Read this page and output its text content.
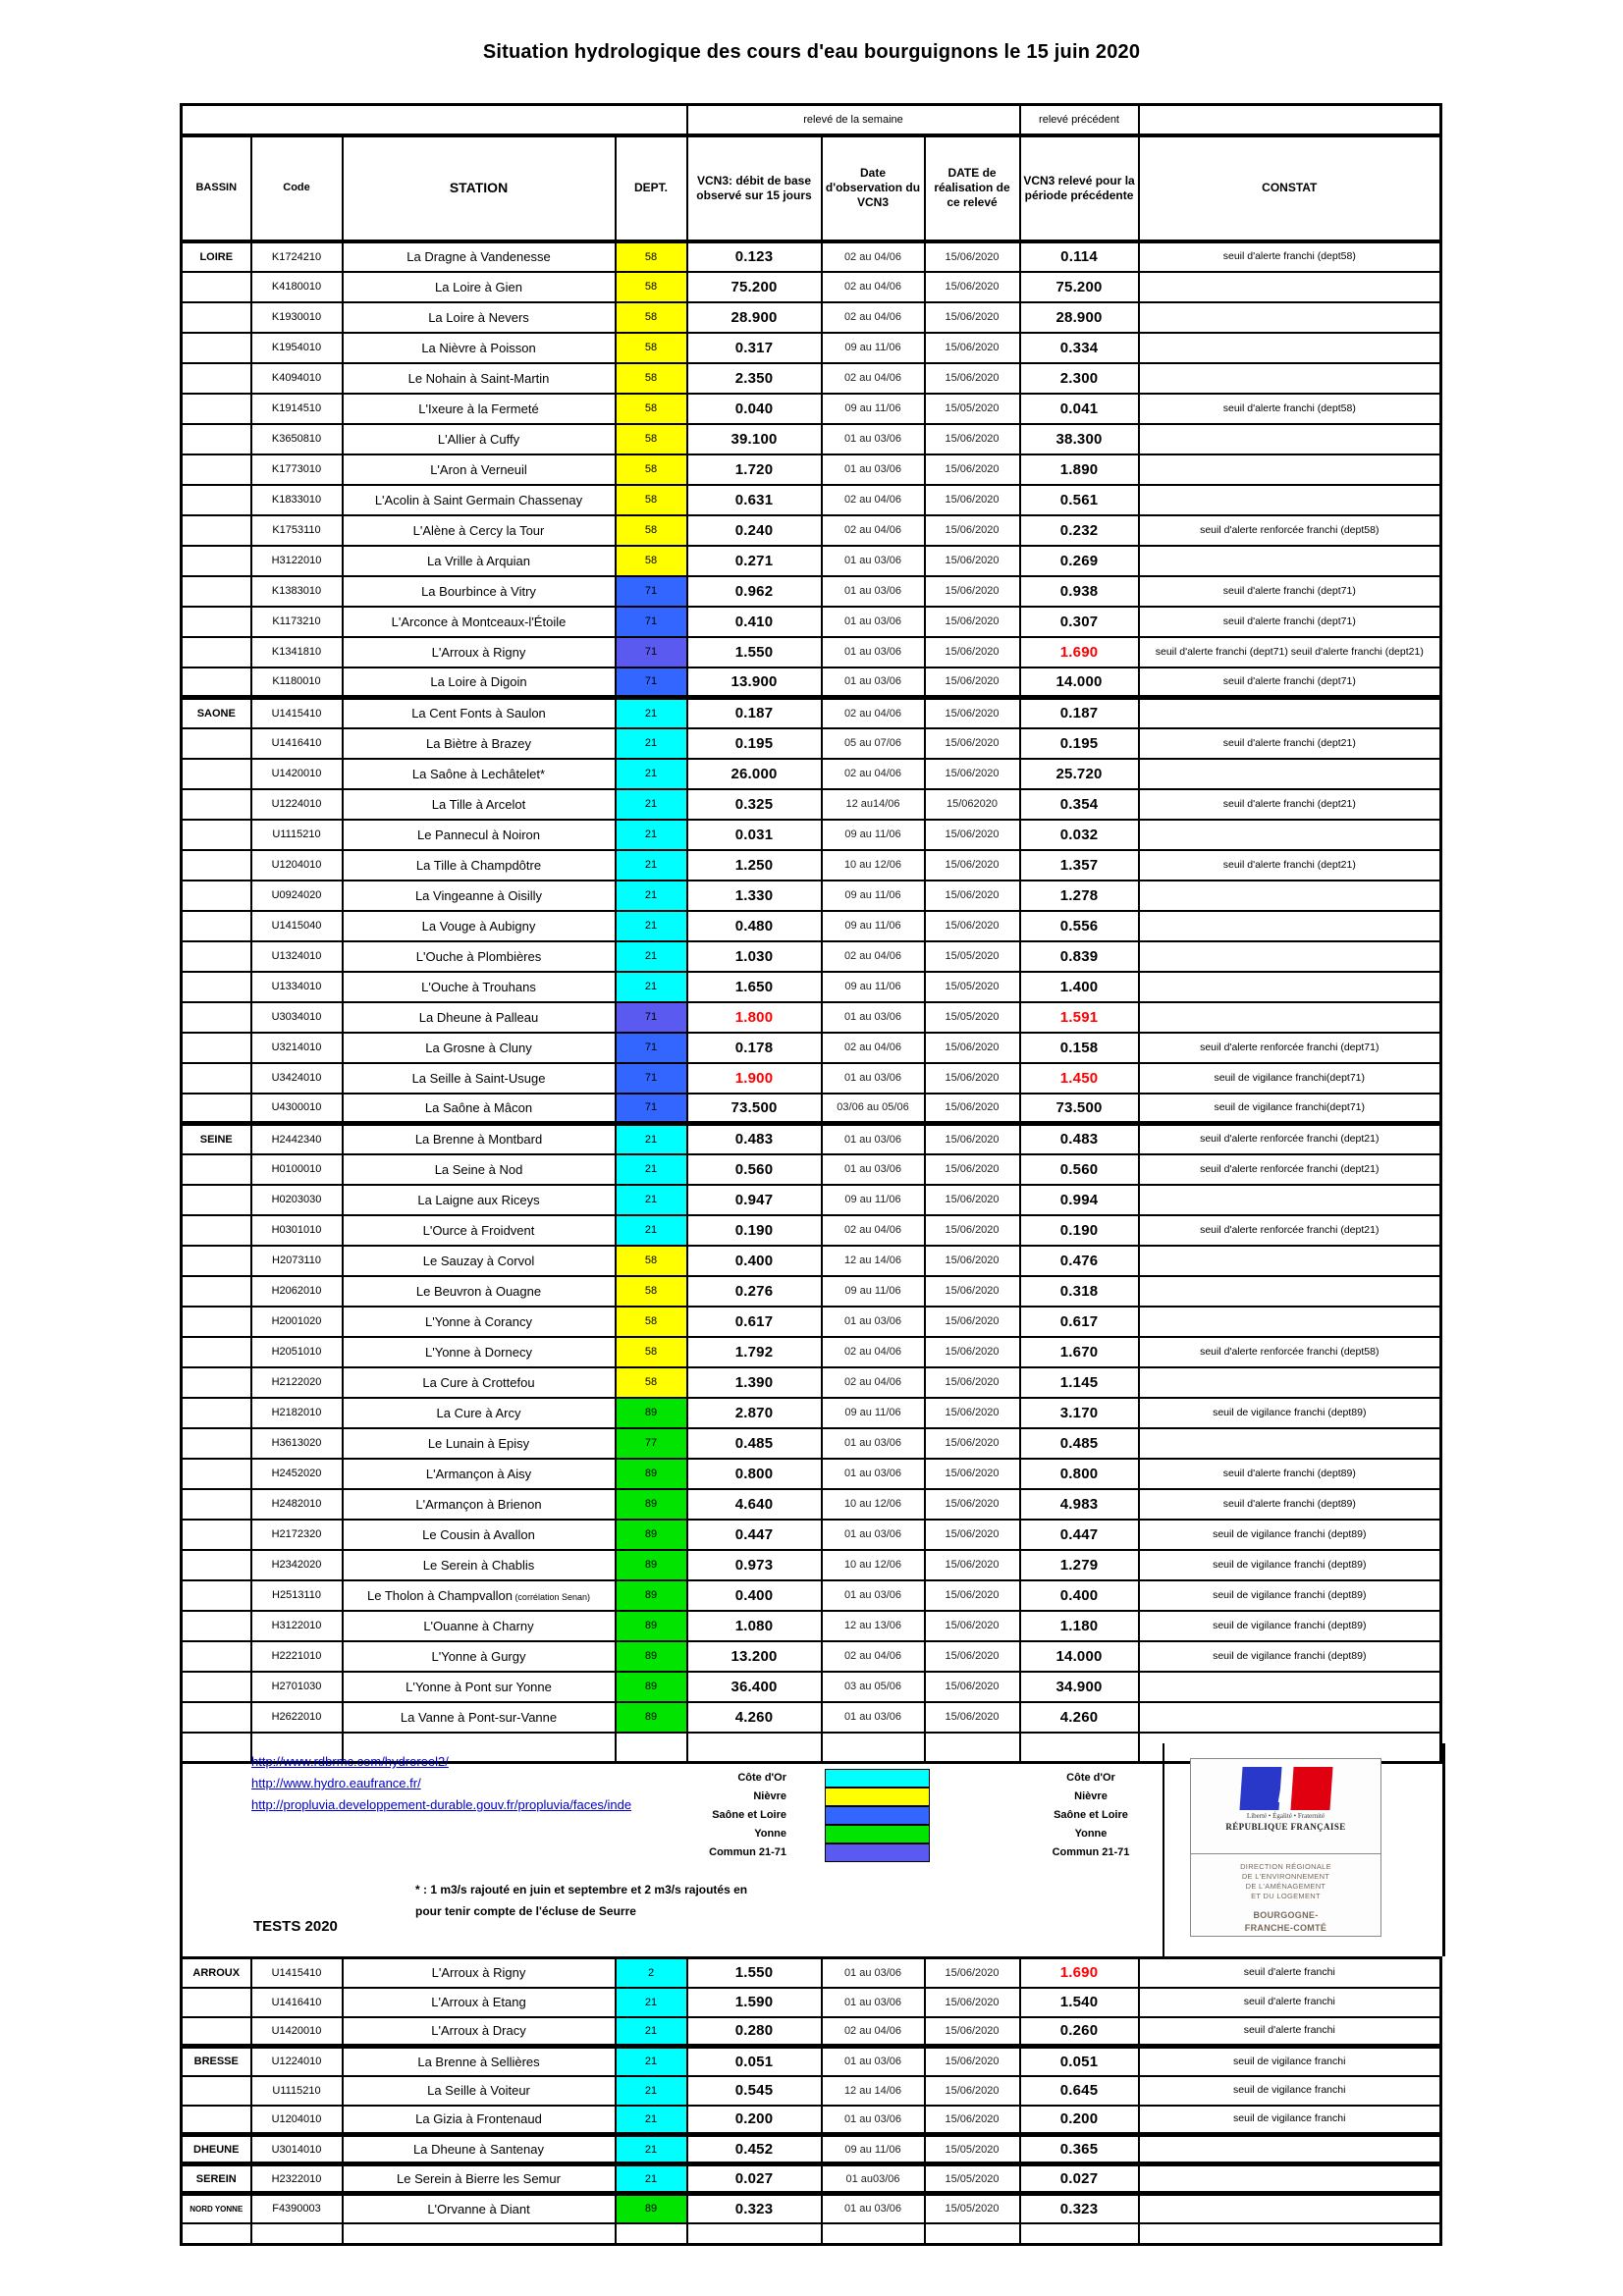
Situation hydrologique des cours d'eau bourguignons le 15 juin 2020
				relevé de la semaine			relevé précédent	
BASSIN	Code	STATION	DEPT.	VCN3: débit de base observé sur 15 jours	Date d'observation du VCN3	DATE de réalisation de ce relevé	VCN3 relevé pour la période précédente	CONSTAT
LOIRE	K1724210	La Dragne à Vandenesse	58	0.123	02 au 04/06	15/06/2020	0.114	seuil d'alerte franchi (dept58)
	K4180010	La Loire à Gien	58	75.200	02 au 04/06	15/06/2020	75.200	
	K1930010	La Loire à Nevers	58	28.900	02 au 04/06	15/06/2020	28.900	
	K1954010	La Nièvre à Poisson	58	0.317	09 au 11/06	15/06/2020	0.334	
	K4094010	Le Nohain à Saint-Martin	58	2.350	02 au 04/06	15/06/2020	2.300	
	K1914510	L'Ixeure à la Fermeté	58	0.040	09 au 11/06	15/05/2020	0.041	seuil d'alerte franchi (dept58)
	K3650810	L'Allier à Cuffy	58	39.100	01 au 03/06	15/06/2020	38.300	
	K1773010	L'Aron à Verneuil	58	1.720	01 au 03/06	15/06/2020	1.890	
	K1833010	L'Acolin à Saint Germain Chassenay	58	0.631	02 au 04/06	15/06/2020	0.561	
	K1753110	L'Alène à Cercy la Tour	58	0.240	02 au 04/06	15/06/2020	0.232	seuil d'alerte renforcée franchi (dept58)
	H3122010	La Vrille à Arquian	58	0.271	01 au 03/06	15/06/2020	0.269	
	K1383010	La Bourbince à Vitry	71	0.962	01 au 03/06	15/06/2020	0.938	seuil d'alerte franchi (dept71)
	K1173210	L'Arconce à Montceaux-l'Étoile	71	0.410	01 au 03/06	15/06/2020	0.307	seuil d'alerte franchi (dept71)
	K1341810	L'Arroux à Rigny	71	1.550	01 au 03/06	15/06/2020	1.690	seuil d'alerte franchi (dept71) seuil d'alerte franchi (dept21)
	K1180010	La Loire à Digoin	71	13.900	01 au 03/06	15/06/2020	14.000	seuil d'alerte franchi (dept71)
SAONE	U1415410	La Cent Fonts à Saulon	21	0.187	02 au 04/06	15/06/2020	0.187	
	U1416410	La Biètre à Brazey	21	0.195	05 au 07/06	15/06/2020	0.195	seuil d'alerte franchi (dept21)
	U1420010	La Saône à Lechâtelet*	21	26.000	02 au 04/06	15/06/2020	25.720	
	U1224010	La Tille à Arcelot	21	0.325	12 au14/06	15/062020	0.354	seuil d'alerte franchi (dept21)
	U1115210	Le Pannecul à Noiron	21	0.031	09 au 11/06	15/06/2020	0.032	
	U1204010	La Tille à Champdôtre	21	1.250	10 au 12/06	15/06/2020	1.357	seuil d'alerte franchi (dept21)
	U0924020	La Vingeanne à Oisilly	21	1.330	09 au 11/06	15/06/2020	1.278	
	U1415040	La Vouge à Aubigny	21	0.480	09 au 11/06	15/06/2020	0.556	
	U1324010	L'Ouche à Plombières	21	1.030	02 au 04/06	15/05/2020	0.839	
	U1334010	L'Ouche à Trouhans	21	1.650	09 au 11/06	15/05/2020	1.400	
	U3034010	La Dheune à Palleau	71	1.800	01 au 03/06	15/05/2020	1.591	
	U3214010	La Grosne à Cluny	71	0.178	02 au 04/06	15/06/2020	0.158	seuil d'alerte renforcée franchi (dept71)
	U3424010	La Seille à Saint-Usuge	71	1.900	01 au 03/06	15/06/2020	1.450	seuil de vigilance franchi(dept71)
	U4300010	La Saône à Mâcon	71	73.500	03/06 au 05/06	15/06/2020	73.500	seuil de vigilance franchi(dept71)
SEINE	H2442340	La Brenne à Montbard	21	0.483	01 au 03/06	15/06/2020	0.483	seuil d'alerte renforcée franchi (dept21)
	H0100010	La Seine à Nod	21	0.560	01 au 03/06	15/06/2020	0.560	seuil d'alerte renforcée franchi (dept21)
	H0203030	La Laigne aux Riceys	21	0.947	09 au 11/06	15/06/2020	0.994	
	H0301010	L'Ource à Froidvent	21	0.190	02 au 04/06	15/06/2020	0.190	seuil d'alerte renforcée franchi (dept21)
	H2073110	Le Sauzay à Corvol	58	0.400	12 au 14/06	15/06/2020	0.476	
	H2062010	Le Beuvron à Ouagne	58	0.276	09 au 11/06	15/06/2020	0.318	
	H2001020	L'Yonne à Corancy	58	0.617	01 au 03/06	15/06/2020	0.617	
	H2051010	L'Yonne à Dornecy	58	1.792	02 au 04/06	15/06/2020	1.670	seuil d'alerte renforcée franchi (dept58)
	H2122020	La Cure à Crottefou	58	1.390	02 au 04/06	15/06/2020	1.145	
	H2182010	La Cure à Arcy	89	2.870	09 au 11/06	15/06/2020	3.170	seuil de vigilance franchi (dept89)
	H3613020	Le Lunain à Episy	77	0.485	01 au 03/06	15/06/2020	0.485	
	H2452020	L'Armançon à Aisy	89	0.800	01 au 03/06	15/06/2020	0.800	seuil d'alerte franchi (dept89)
	H2482010	L'Armançon à Brienon	89	4.640	10 au 12/06	15/06/2020	4.983	seuil d'alerte franchi (dept89)
	H2172320	Le Cousin à Avallon	89	0.447	01 au 03/06	15/06/2020	0.447	seuil de vigilance franchi (dept89)
	H2342020	Le Serein à Chablis	89	0.973	10 au 12/06	15/06/2020	1.279	seuil de vigilance franchi (dept89)
	H2513110	Le Tholon à Champvallon (corrélation Senan)	89	0.400	01 au 03/06	15/06/2020	0.400	seuil de vigilance franchi (dept89)
	H3122010	L'Ouanne à Charny	89	1.080	12 au 13/06	15/06/2020	1.180	seuil de vigilance franchi (dept89)
	H2221010	L'Yonne à Gurgy	89	13.200	02 au 04/06	15/06/2020	14.000	seuil de vigilance franchi (dept89)
	H2701030	L'Yonne à Pont sur Yonne	89	36.400	03 au 05/06	15/06/2020	34.900	
	H2622010	La Vanne à Pont-sur-Vanne	89	4.260	01 au 03/06	15/06/2020	4.260	

http://www.rdbrmc.com/hydroreel2/
http://www.hydro.eaufrance.fr/
http://propluvia.developpement-durable.gouv.fr/propluvia/faces/inde
Côte d'Or
Nièvre
Saône et Loire
Yonne
Commun 21-71
Côte d'Or
Nièvre
Saône et Loire
Yonne
Commun 21-71
* : 1 m3/s rajouté en juin et septembre et 2 m3/s rajoutés en
pour tenir compte de l'écluse de Seurre
TESTS 2020
Liberté • Égalité • Fraternité
RÉPUBLIQUE FRANÇAISE
DIRECTION RÉGIONALE
DE L'ENVIRONNEMENT
DE L'AMÉNAGEMENT
ET DU LOGEMENT
BOURGOGNE-
FRANCHE-COMTÉ
ARROUX	U1415410	L'Arroux à Rigny	2	1.550	01 au 03/06	15/06/2020	1.690	seuil d'alerte franchi
	U1416410	L'Arroux à Etang	21	1.590	01 au 03/06	15/06/2020	1.540	seuil d'alerte franchi
	U1420010	L'Arroux à Dracy	21	0.280	02 au 04/06	15/06/2020	0.260	seuil d'alerte franchi
BRESSE	U1224010	La Brenne à Sellières	21	0.051	01 au 03/06	15/06/2020	0.051	seuil de vigilance franchi
	U1115210	La Seille à Voiteur	21	0.545	12 au 14/06	15/06/2020	0.645	seuil de vigilance franchi
	U1204010	La Gizia à Frontenaud	21	0.200	01 au 03/06	15/06/2020	0.200	seuil de vigilance franchi
DHEUNE	U3014010	La Dheune à Santenay	21	0.452	09 au 11/06	15/05/2020	0.365	
SEREIN	H2322010	Le Serein à Bierre les Semur	21	0.027	01 au03/06	15/05/2020	0.027	
NORD YONNE	F4390003	L'Orvanne à Diant	89	0.323	01 au 03/06	15/05/2020	0.323	
